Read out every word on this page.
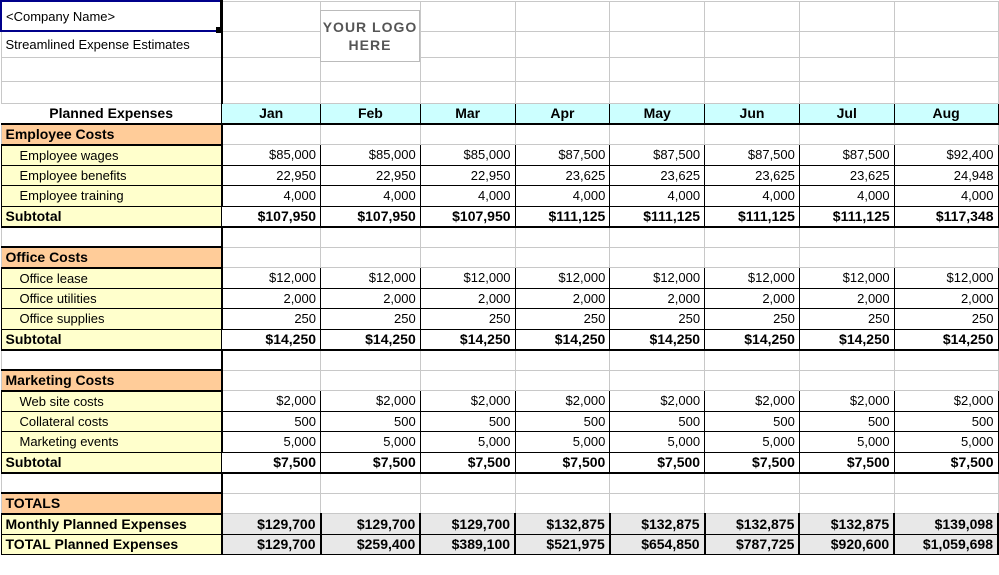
<Company Name>								
Streamlined Expense Estimates								

Planned Expenses	Jan	Feb	Mar	Apr	May	Jun	Jul	Aug
Employee Costs								
Employee wages	$85,000	$85,000	$85,000	$87,500	$87,500	$87,500	$87,500	$92,400
Employee benefits	22,950	22,950	22,950	23,625	23,625	23,625	23,625	24,948
Employee training	4,000	4,000	4,000	4,000	4,000	4,000	4,000	4,000
Subtotal	$107,950	$107,950	$107,950	$111,125	$111,125	$111,125	$111,125	$117,348

Office Costs								
Office lease	$12,000	$12,000	$12,000	$12,000	$12,000	$12,000	$12,000	$12,000
Office utilities	2,000	2,000	2,000	2,000	2,000	2,000	2,000	2,000
Office supplies	250	250	250	250	250	250	250	250
Subtotal	$14,250	$14,250	$14,250	$14,250	$14,250	$14,250	$14,250	$14,250

Marketing Costs								
Web site costs	$2,000	$2,000	$2,000	$2,000	$2,000	$2,000	$2,000	$2,000
Collateral costs	500	500	500	500	500	500	500	500
Marketing events	5,000	5,000	5,000	5,000	5,000	5,000	5,000	5,000
Subtotal	$7,500	$7,500	$7,500	$7,500	$7,500	$7,500	$7,500	$7,500

TOTALS								
Monthly Planned Expenses	$129,700	$129,700	$129,700	$132,875	$132,875	$132,875	$132,875	$139,098
TOTAL Planned Expenses	$129,700	$259,400	$389,100	$521,975	$654,850	$787,725	$920,600	$1,059,698
YOUR LOGO
HERE
